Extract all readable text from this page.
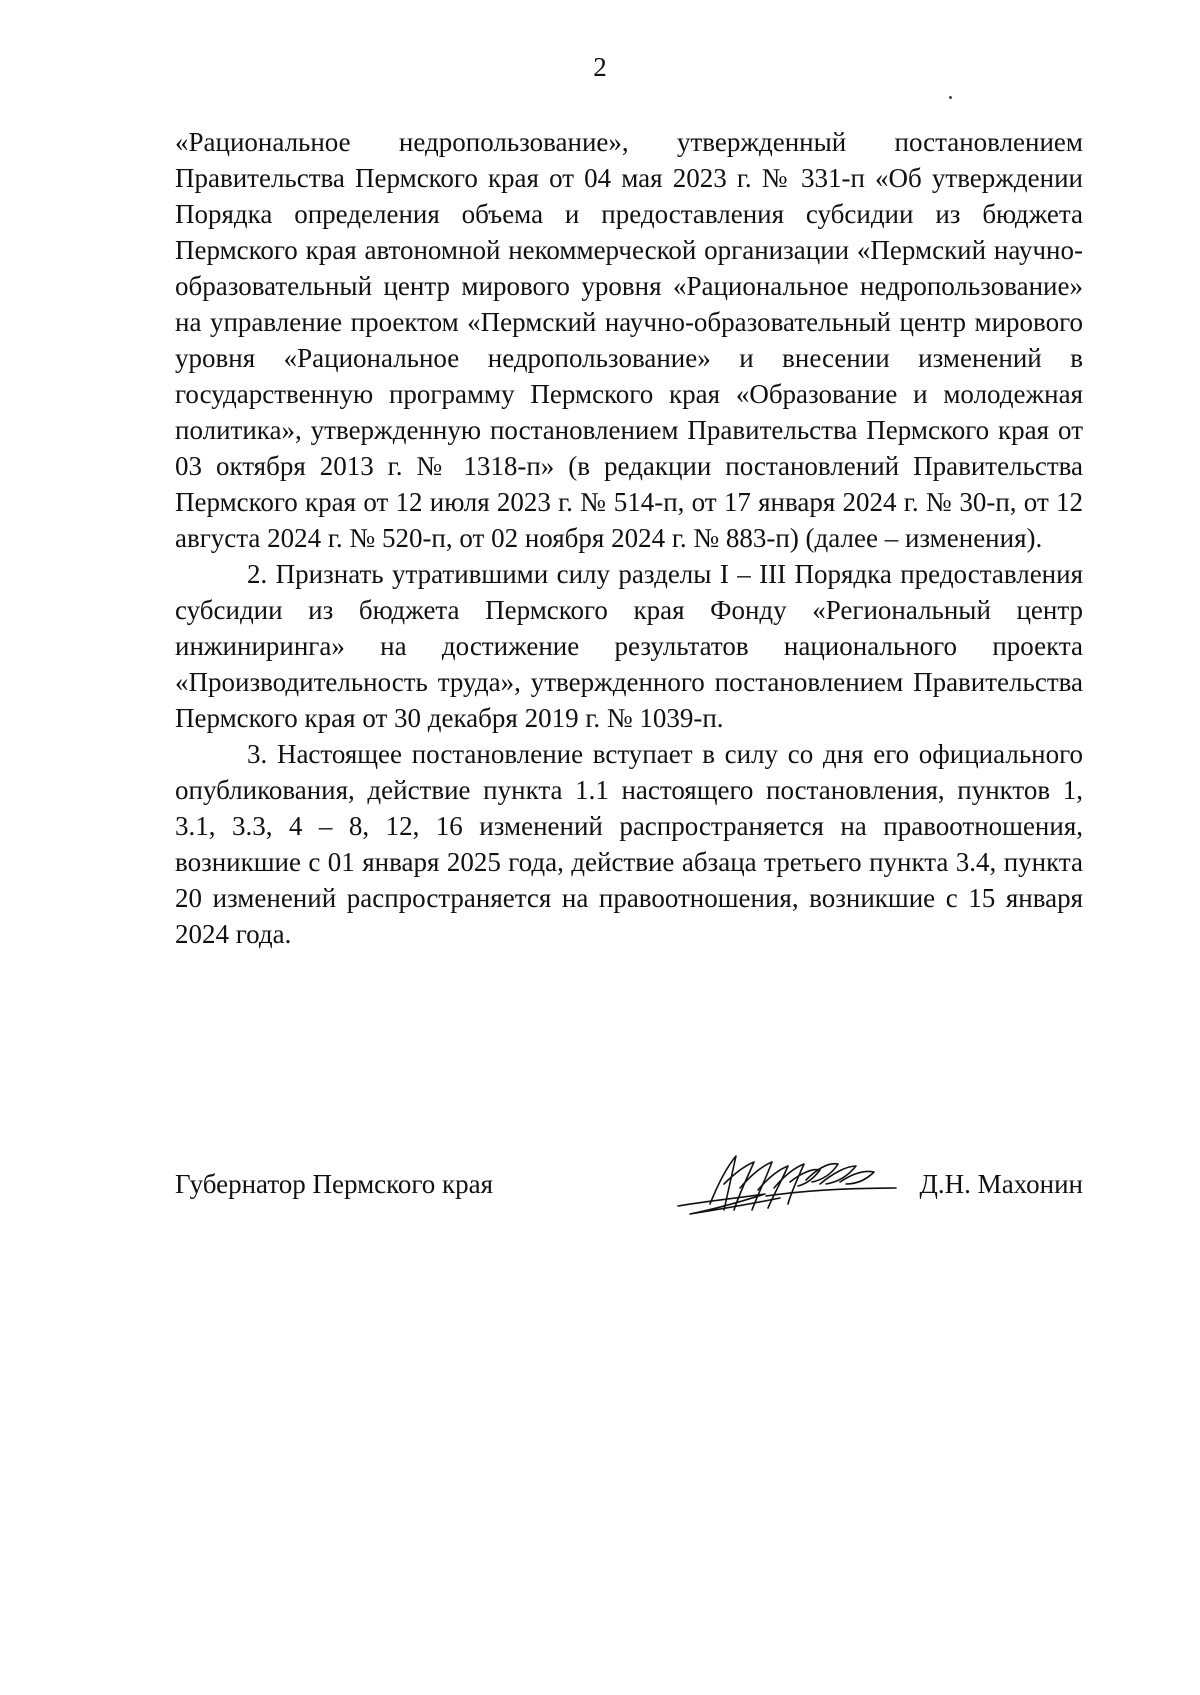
2

«Рациональное недропользование», утвержденный постановлением Правительства Пермского края от 04 мая 2023 г. № 331-п «Об утверждении Порядка определения объема и предоставления субсидии из бюджета Пермского края автономной некоммерческой организации «Пермский научно-образовательный центр мирового уровня «Рациональное недропользование» на управление проектом «Пермский научно-образовательный центр мирового уровня «Рациональное недропользование» и внесении изменений в государственную программу Пермского края «Образование и молодежная политика», утвержденную постановлением Правительства Пермского края от 03 октября 2013 г. № 1318-п» (в редакции постановлений Правительства Пермского края от 12 июля 2023 г. № 514-п, от 17 января 2024 г. № 30-п, от 12 августа 2024 г. № 520-п, от 02 ноября 2024 г. № 883-п) (далее – изменения).

2. Признать утратившими силу разделы I – III Порядка предоставления субсидии из бюджета Пермского края Фонду «Региональный центр инжиниринга» на достижение результатов национального проекта «Производительность труда», утвержденного постановлением Правительства Пермского края от 30 декабря 2019 г. № 1039-п.

3. Настоящее постановление вступает в силу со дня его официального опубликования, действие пункта 1.1 настоящего постановления, пунктов 1, 3.1, 3.3, 4 – 8, 12, 16 изменений распространяется на правоотношения, возникшие с 01 января 2025 года, действие абзаца третьего пункта 3.4, пункта 20 изменений распространяется на правоотношения, возникшие с 15 января 2024 года.

Губернатор Пермского края	Д.Н. Махонин
